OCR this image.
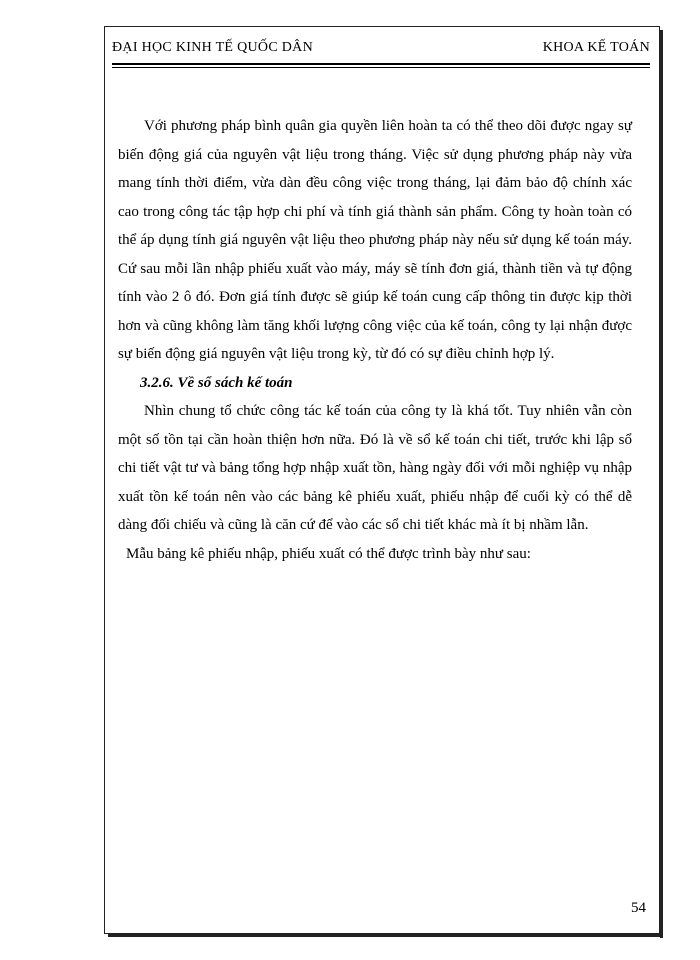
ĐẠI HỌC KINH TẾ QUỐC DÂN	KHOA KẾ TOÁN

Với phương pháp bình quân gia quyền liên hoàn ta có thể theo dõi được ngay sự biến động giá của nguyên vật liệu trong tháng. Việc sử dụng phương pháp này vừa mang tính thời điểm, vừa dàn đều công việc trong tháng, lại đảm bảo độ chính xác cao trong công tác tập hợp chi phí và tính giá thành sản phẩm. Công ty hoàn toàn có thể áp dụng tính giá nguyên vật liệu theo phương pháp này nếu sử dụng kế toán máy. Cứ sau mỗi lần nhập phiếu xuất vào máy, máy sẽ tính đơn giá, thành tiền và tự động tính vào 2 ô đó. Đơn giá tính được sẽ giúp kế toán cung cấp thông tin được kịp thời hơn và cũng không làm tăng khối lượng công việc của kế toán, công ty lại nhận được sự biến động giá nguyên vật liệu trong kỳ, từ đó có sự điều chỉnh hợp lý.

3.2.6. Về sổ sách kế toán

Nhìn chung tổ chức công tác kế toán của công ty là khá tốt. Tuy nhiên vẫn còn một số tồn tại cần hoàn thiện hơn nữa. Đó là về sổ kế toán chi tiết, trước khi lập sổ chi tiết vật tư và bảng tổng hợp nhập xuất tồn, hàng ngày đối với mỗi nghiệp vụ nhập xuất tồn kế toán nên vào các bảng kê phiếu xuất, phiếu nhập để cuối kỳ có thể dễ dàng đối chiếu và cũng là căn cứ để vào các sổ chi tiết khác mà ít bị nhầm lẫn.

Mẫu bảng kê phiếu nhập, phiếu xuất có thể được trình bày như sau:

54
